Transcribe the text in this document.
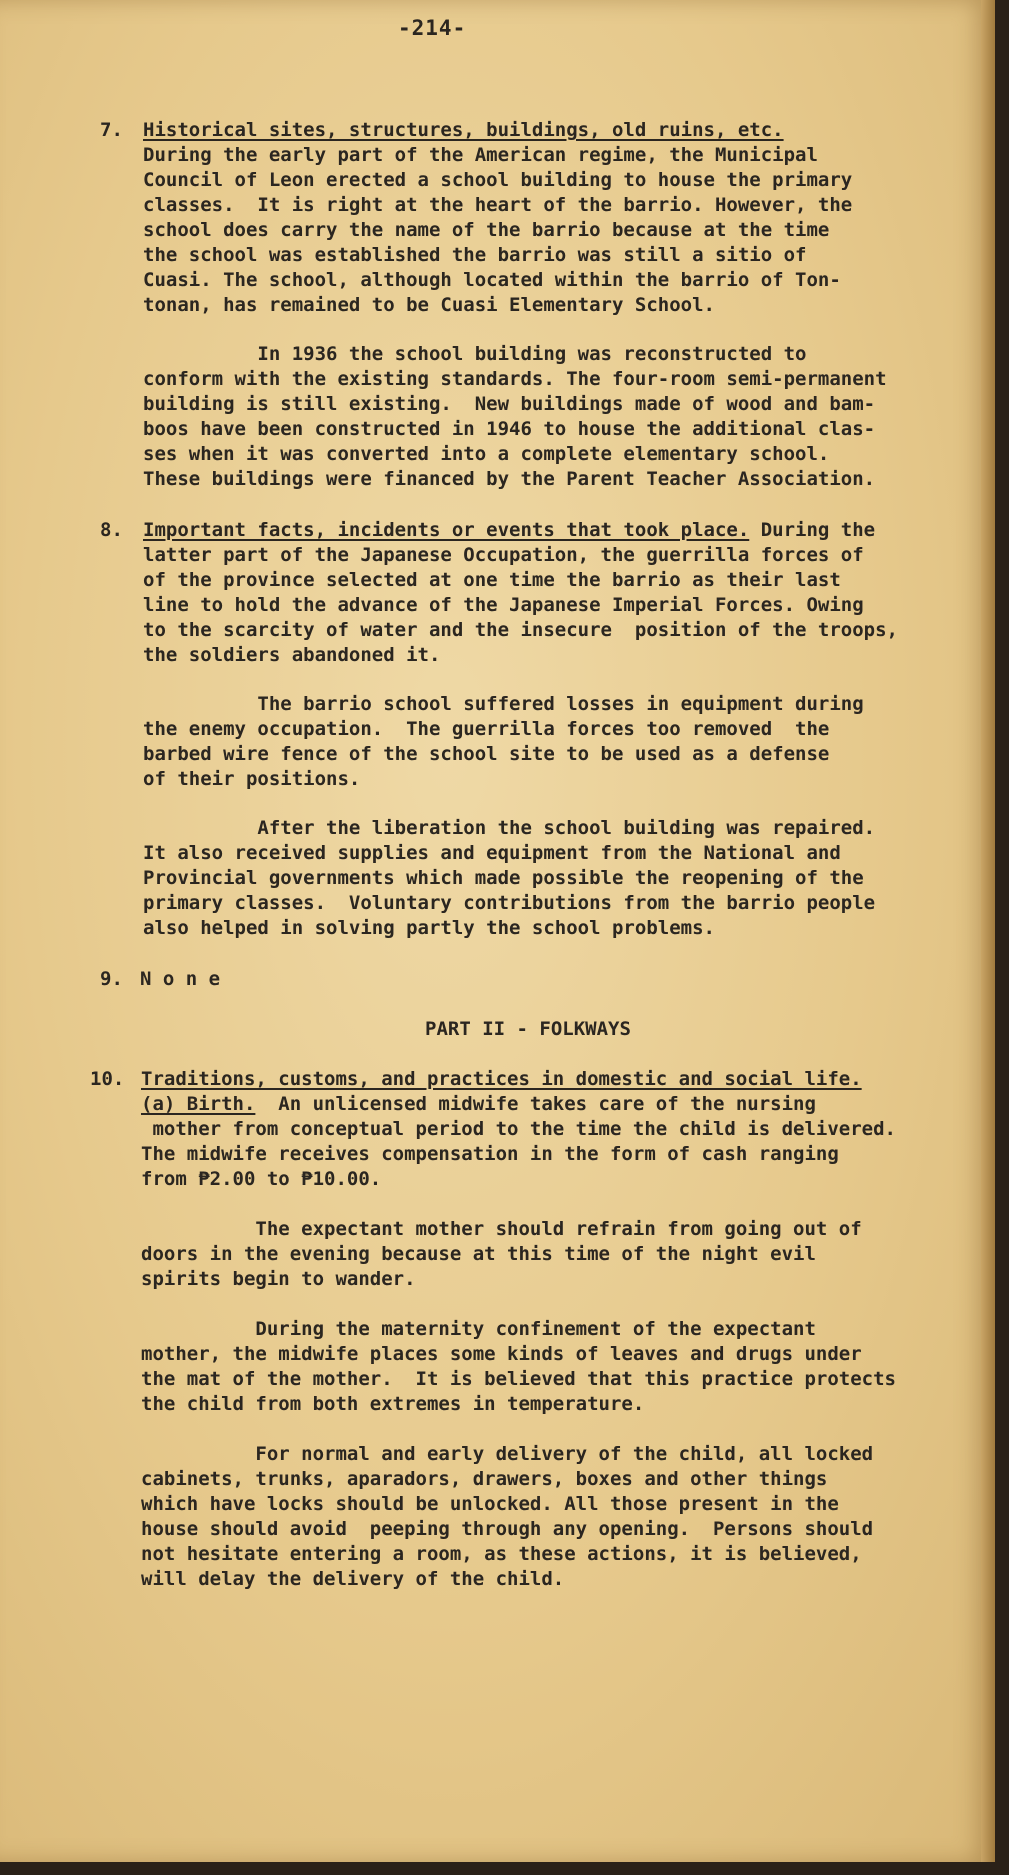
-214-
7. Historical sites, structures, buildings, old ruins, etc.
During the early part of the American regime, the Municipal
Council of Leon erected a school building to house the primary
classes.  It is right at the heart of the barrio. However, the
school does carry the name of the barrio because at the time
the school was established the barrio was still a sitio of
Cuasi. The school, although located within the barrio of Ton-
tonan, has remained to be Cuasi Elementary School.
In 1936 the school building was reconstructed to
conform with the existing standards. The four-room semi-permanent
building is still existing.  New buildings made of wood and bam-
boos have been constructed in 1946 to house the additional clas-
ses when it was converted into a complete elementary school.
These buildings were financed by the Parent Teacher Association.
8. Important facts, incidents or events that took place. During the
latter part of the Japanese Occupation, the guerrilla forces of
of the province selected at one time the barrio as their last
line to hold the advance of the Japanese Imperial Forces. Owing
to the scarcity of water and the insecure  position of the troops,
the soldiers abandoned it.
The barrio school suffered losses in equipment during
the enemy occupation.  The guerrilla forces too removed  the
barbed wire fence of the school site to be used as a defense
of their positions.
After the liberation the school building was repaired.
It also received supplies and equipment from the National and
Provincial governments which made possible the reopening of the
primary classes.  Voluntary contributions from the barrio people
also helped in solving partly the school problems.
9. N o n e
PART II - FOLKWAYS
10. Traditions, customs, and practices in domestic and social life.
(a) Birth.  An unlicensed midwife takes care of the nursing
mother from conceptual period to the time the child is delivered.
The midwife receives compensation in the form of cash ranging
from ₱2.00 to ₱10.00.
The expectant mother should refrain from going out of
doors in the evening because at this time of the night evil
spirits begin to wander.
During the maternity confinement of the expectant
mother, the midwife places some kinds of leaves and drugs under
the mat of the mother.  It is believed that this practice protects
the child from both extremes in temperature.
For normal and early delivery of the child, all locked
cabinets, trunks, aparadors, drawers, boxes and other things
which have locks should be unlocked. All those present in the
house should avoid  peeping through any opening.  Persons should
not hesitate entering a room, as these actions, it is believed,
will delay the delivery of the child.
